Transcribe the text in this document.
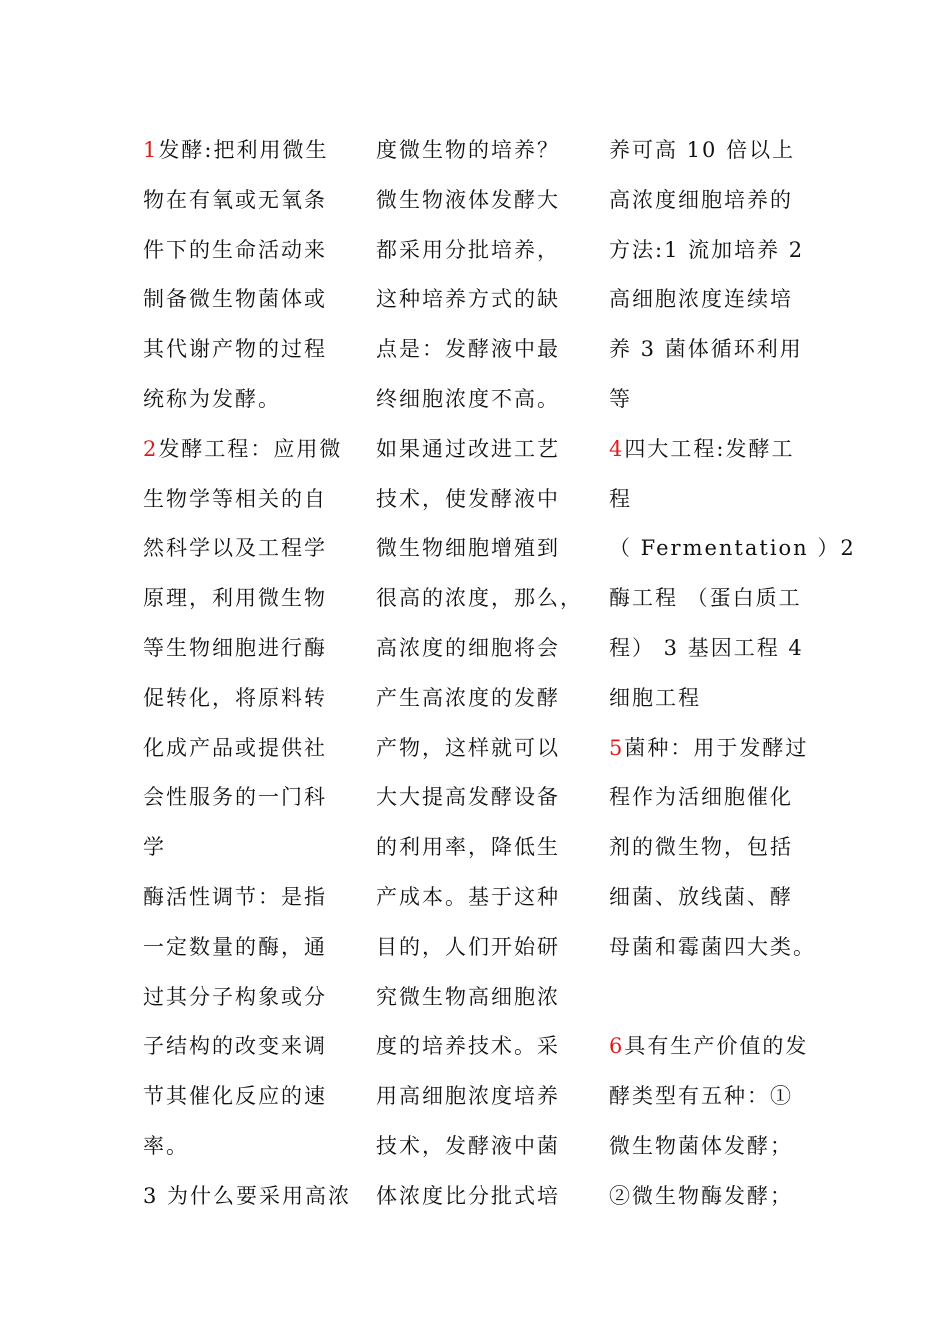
1发酵:把利用微生
物在有氧或无氧条
件下的生命活动来
制备微生物菌体或
其代谢产物的过程
统称为发酵。
2发酵工程：应用微
生物学等相关的自
然科学以及工程学
原理，利用微生物
等生物细胞进行酶
促转化，将原料转
化成产品或提供社
会性服务的一门科
学
酶活性调节：是指
一定数量的酶，通
过其分子构象或分
子结构的改变来调
节其催化反应的速
率。
3 为什么要采用高浓
度微生物的培养？
微生物液体发酵大
都采用分批培养，
这种培养方式的缺
点是：发酵液中最
终细胞浓度不高。
如果通过改进工艺
技术，使发酵液中
微生物细胞增殖到
很高的浓度，那么，
高浓度的细胞将会
产生高浓度的发酵
产物，这样就可以
大大提高发酵设备
的利用率，降低生
产成本。基于这种
目的，人们开始研
究微生物高细胞浓
度的培养技术。采
用高细胞浓度培养
技术，发酵液中菌
体浓度比分批式培
养可高 10 倍以上
高浓度细胞培养的
方法:1 流加培养 2
高细胞浓度连续培
养 3 菌体循环利用
等
4四大工程:发酵工
程
（ Fermentation ）2
酶工程 （蛋白质工
程） 3 基因工程 4
细胞工程
5菌种：用于发酵过
程作为活细胞催化
剂的微生物，包括
细菌、放线菌、酵
母菌和霉菌四大类。
6具有生产价值的发
酵类型有五种：①
微生物菌体发酵；
②微生物酶发酵；
